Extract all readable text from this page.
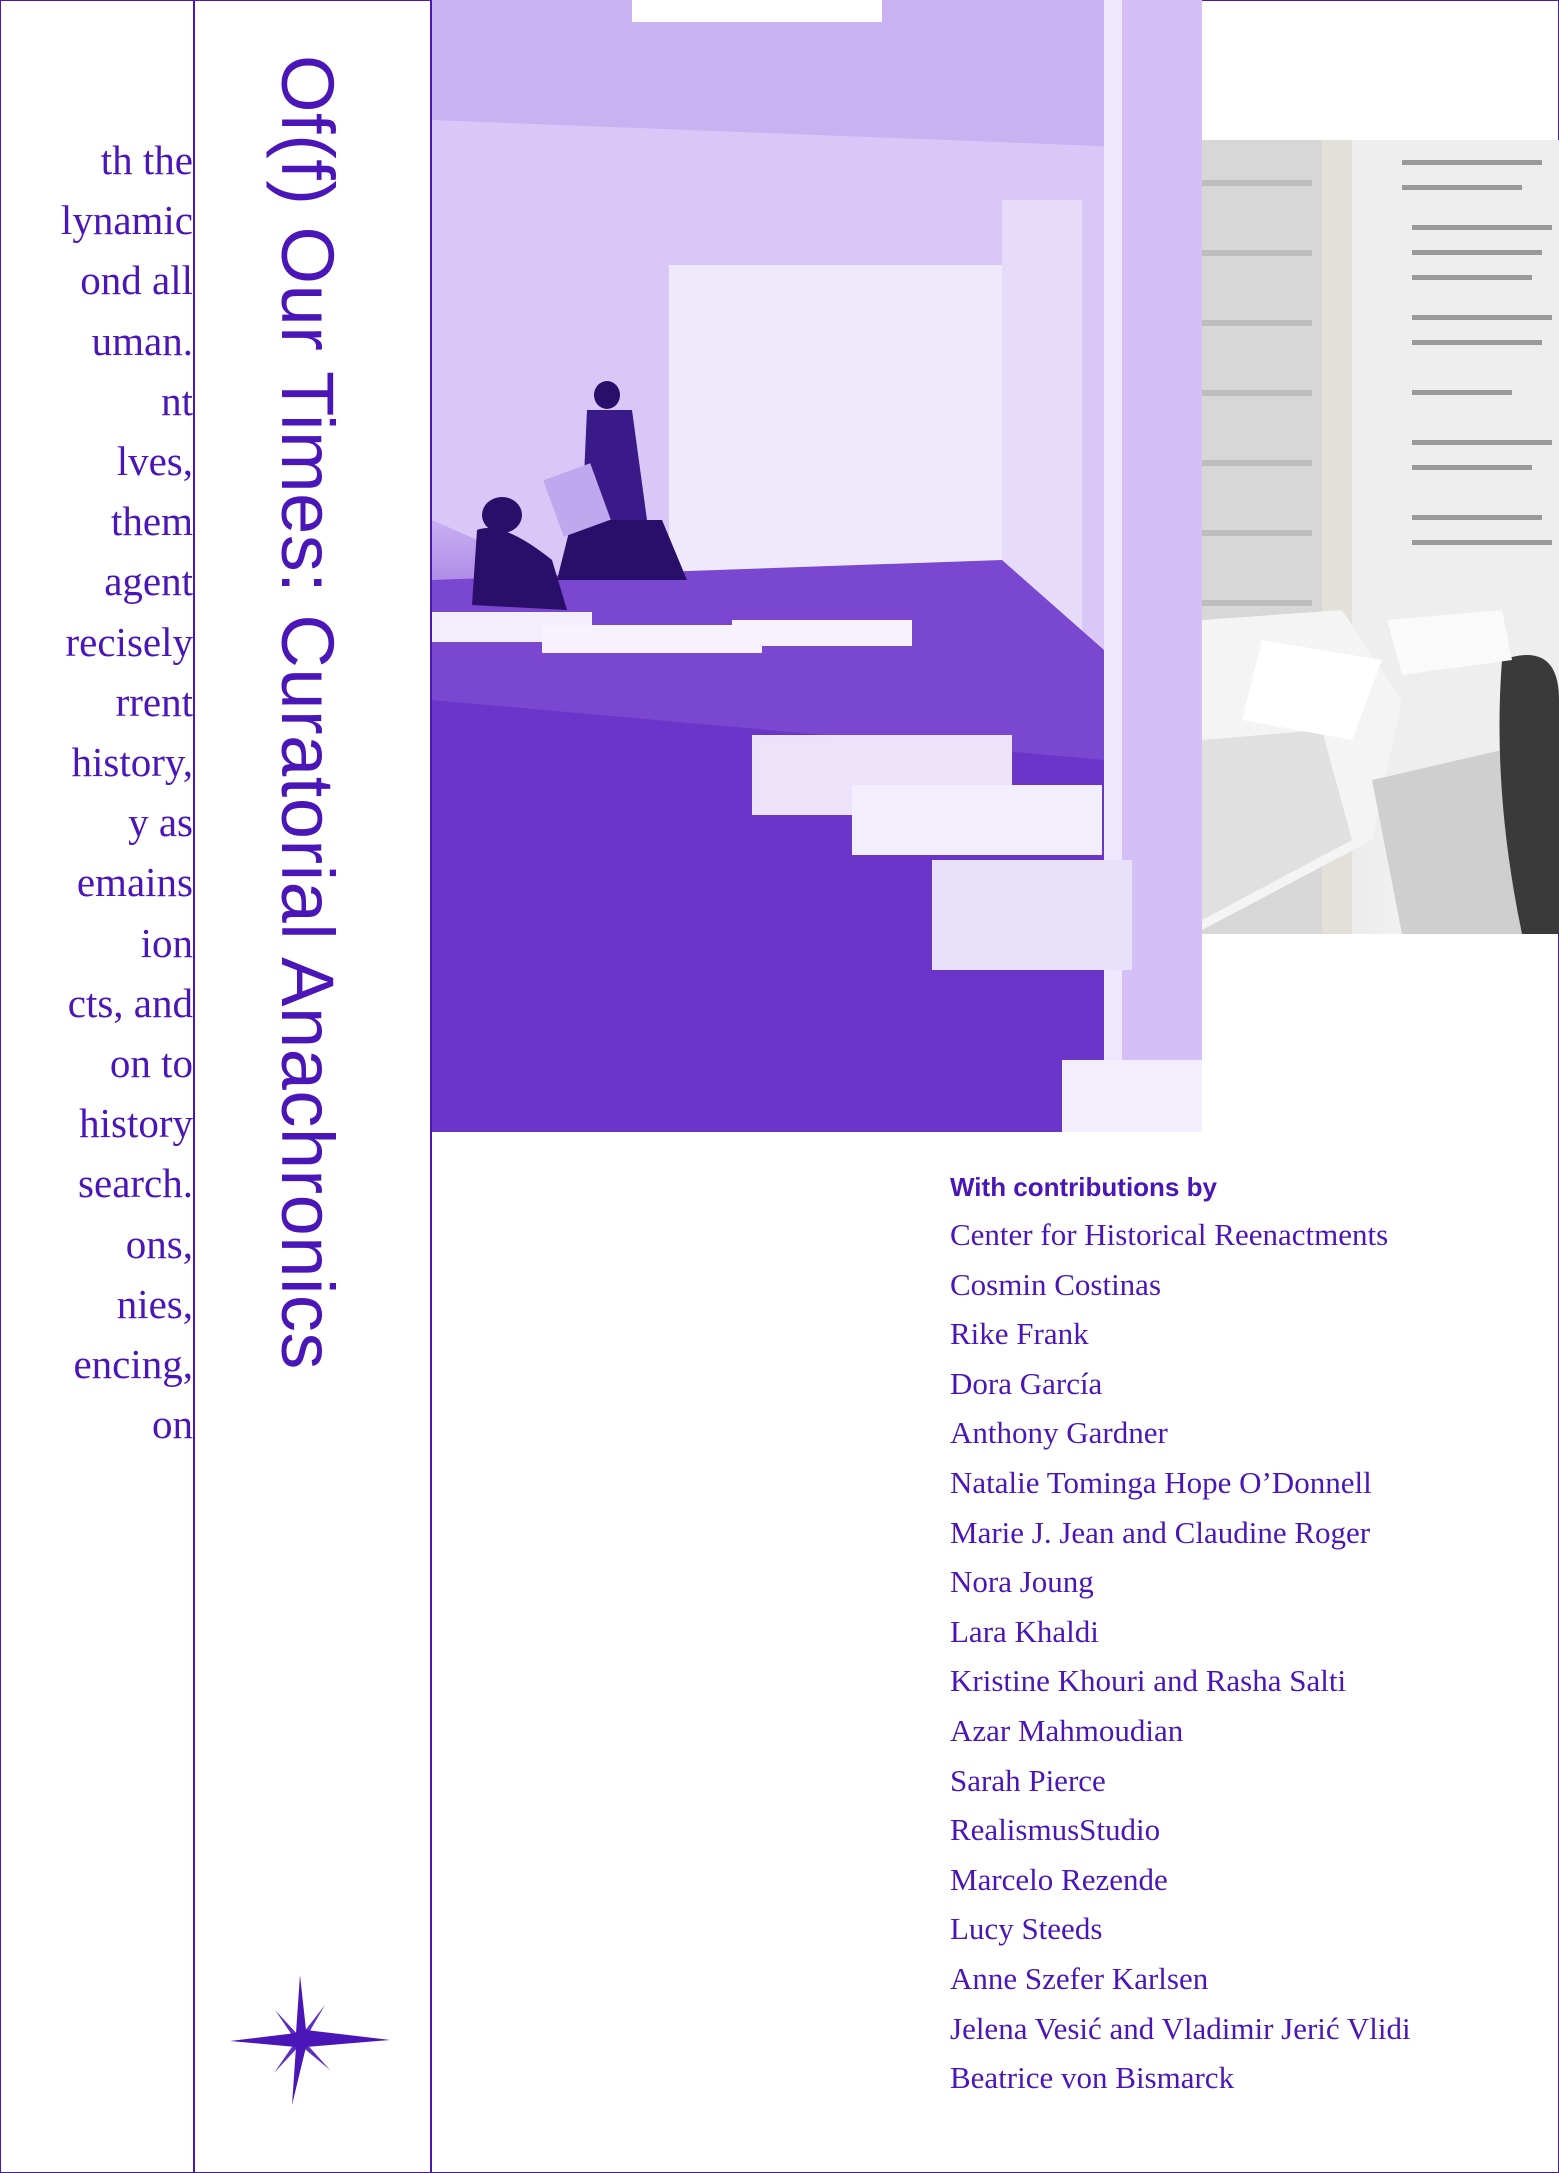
th the
lynamic
ond all
uman.
nt
lves,
them
agent
recisely
rrent
history,
y as
emains
ion
cts, and
on to
history
search.
ons,
nies,
encing,
on
Of(f) Our Times: Curatorial Anachronics	With contributions by
Center for Historical Reenactments
Cosmin Costinas
Rike Frank
Dora García
Anthony Gardner
Natalie Tominga Hope O’Donnell
Marie J. Jean and Claudine Roger
Nora Joung
Lara Khaldi
Kristine Khouri and Rasha Salti
Azar Mahmoudian
Sarah Pierce
RealismusStudio
Marcelo Rezende
Lucy Steeds
Anne Szefer Karlsen
Jelena Vesić and Vladimir Jerić Vlidi
Beatrice von Bismarck
